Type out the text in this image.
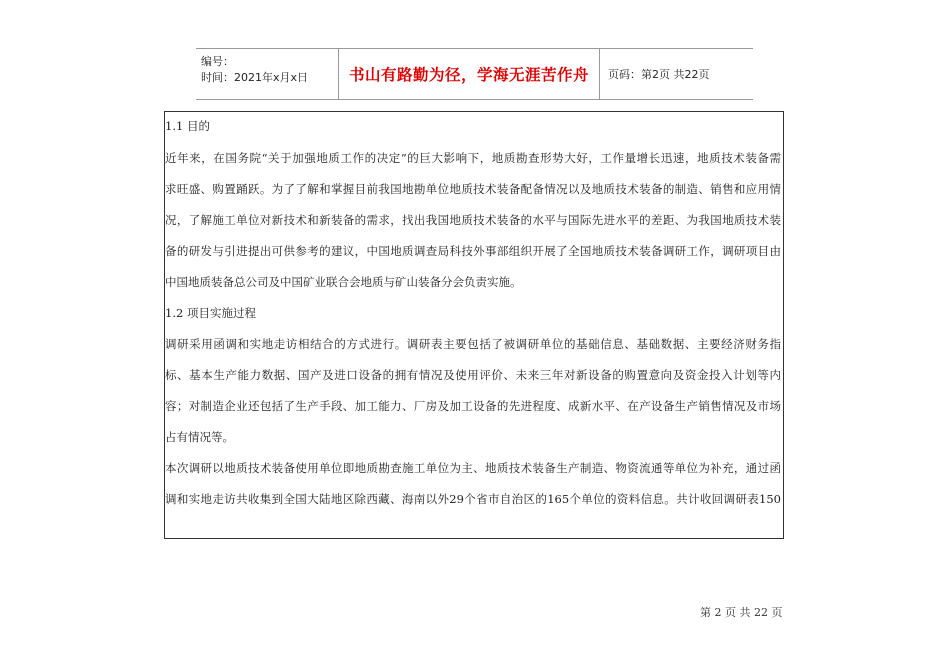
编号：
时间：2021年x月x日	书山有路勤为径，学海无涯苦作舟 页码：第2页 共22页
1.1 目的
近年来，在国务院“关于加强地质工作的决定”的巨大影响下，地质勘查形势大好，工作量增长迅速，地质技术装备需
求旺盛、购置踊跃。为了了解和掌握目前我国地勘单位地质技术装备配备情况以及地质技术装备的制造、销售和应用情
况，了解施工单位对新技术和新装备的需求，找出我国地质技术装备的水平与国际先进水平的差距、为我国地质技术装
备的研发与引进提出可供参考的建议，中国地质调查局科技外事部组织开展了全国地质技术装备调研工作，调研项目由
中国地质装备总公司及中国矿业联合会地质与矿山装备分会负责实施。
1.2 项目实施过程
调研采用函调和实地走访相结合的方式进行。调研表主要包括了被调研单位的基础信息、基础数据、主要经济财务指
标、基本生产能力数据、国产及进口设备的拥有情况及使用评价、未来三年对新设备的购置意向及资金投入计划等内
容；对制造企业还包括了生产手段、加工能力、厂房及加工设备的先进程度、成新水平、在产设备生产销售情况及市场
占有情况等。
本次调研以地质技术装备使用单位即地质勘查施工单位为主、地质技术装备生产制造、物资流通等单位为补充，通过函
调和实地走访共收集到全国大陆地区除西藏、海南以外29个省市自治区的165个单位的资料信息。共计收回调研表150
第 2 页 共 22 页
